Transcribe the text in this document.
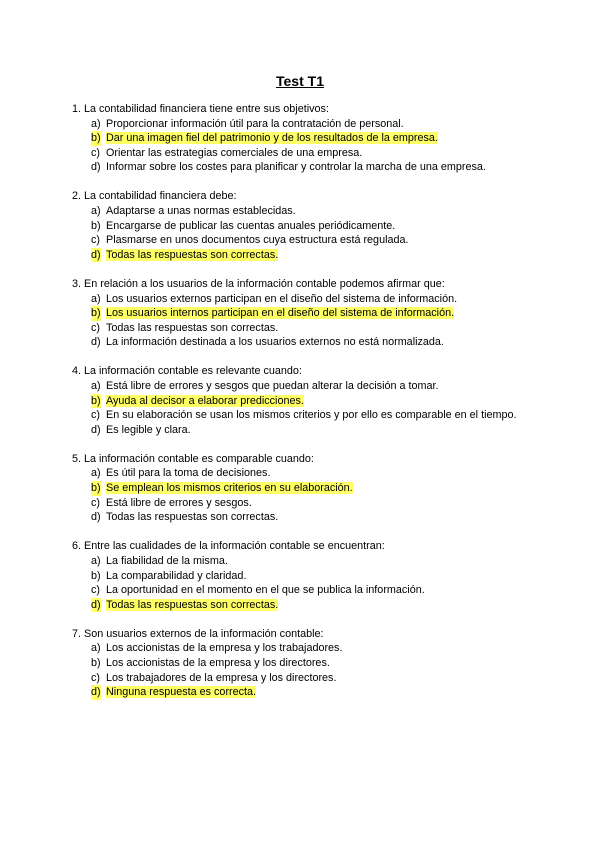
Test T1
1. La contabilidad financiera tiene entre sus objetivos:
a) Proporcionar información útil para la contratación de personal.
b) Dar una imagen fiel del patrimonio y de los resultados de la empresa.
c) Orientar las estrategias comerciales de una empresa.
d) Informar sobre los costes para planificar y controlar la marcha de una empresa.
2. La contabilidad financiera debe:
a) Adaptarse a unas normas establecidas.
b) Encargarse de publicar las cuentas anuales periódicamente.
c) Plasmarse en unos documentos cuya estructura está regulada.
d) Todas las respuestas son correctas.
3. En relación a los usuarios de la información contable podemos afirmar que:
a) Los usuarios externos participan en el diseño del sistema de información.
b) Los usuarios internos participan en el diseño del sistema de información.
c) Todas las respuestas son correctas.
d) La información destinada a los usuarios externos no está normalizada.
4. La información contable es relevante cuando:
a) Está libre de errores y sesgos que puedan alterar la decisión a tomar.
b) Ayuda al decisor a elaborar predicciones.
c) En su elaboración se usan los mismos criterios y por ello es comparable en el tiempo.
d) Es legible y clara.
5. La información contable es comparable cuando:
a) Es útil para la toma de decisiones.
b) Se emplean los mismos criterios en su elaboración.
c) Está libre de errores y sesgos.
d) Todas las respuestas son correctas.
6. Entre las cualidades de la información contable se encuentran:
a) La fiabilidad de la misma.
b) La comparabilidad y claridad.
c) La oportunidad en el momento en el que se publica la información.
d) Todas las respuestas son correctas.
7. Son usuarios externos de la información contable:
a) Los accionistas de la empresa y los trabajadores.
b) Los accionistas de la empresa y los directores.
c) Los trabajadores de la empresa y los directores.
d) Ninguna respuesta es correcta.
